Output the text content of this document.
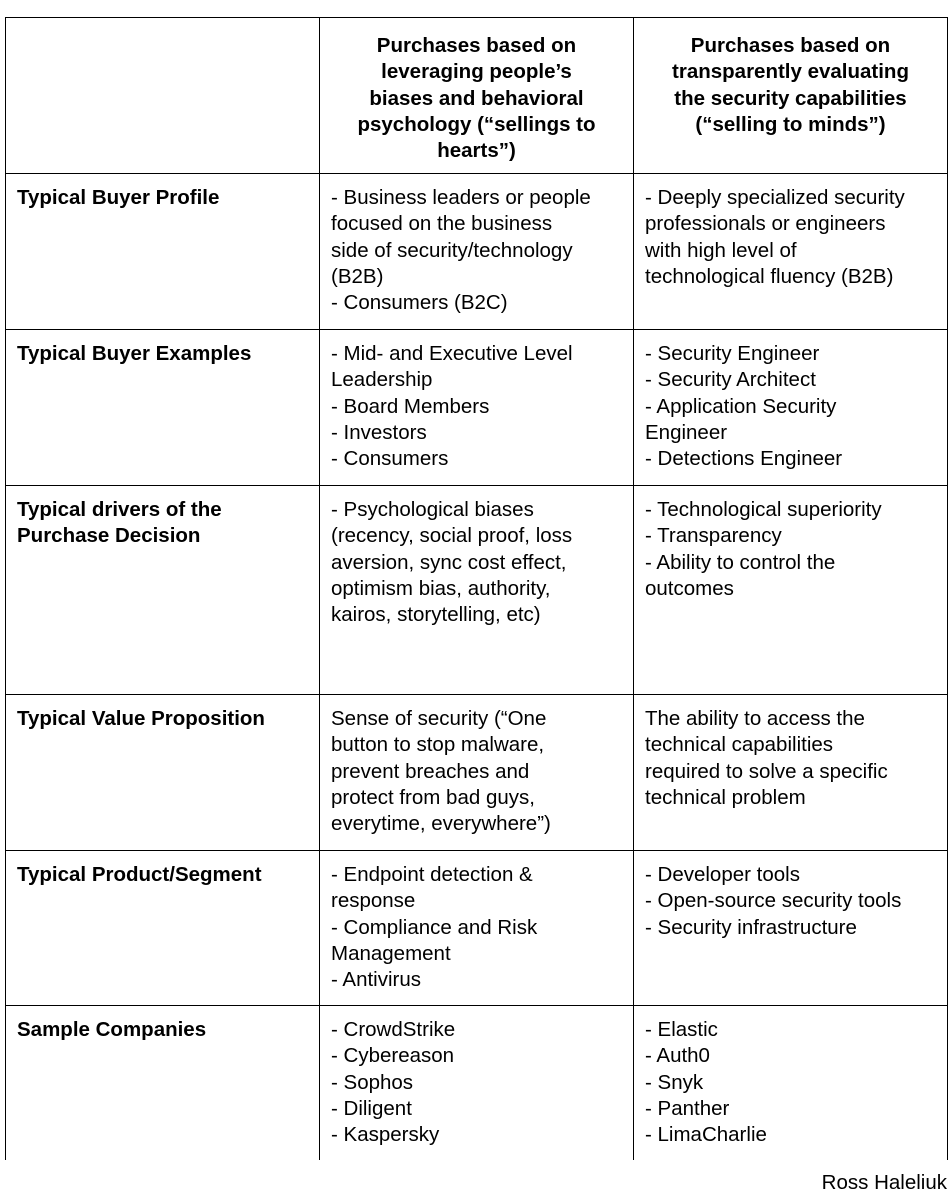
	Purchases based on
leveraging people’s
biases and behavioral
psychology (“sellings to
hearts”)	Purchases based on
transparently evaluating
the security capabilities
(“selling to minds”)

Typical Buyer Profile	- Business leaders or people
focused on the business
side of security/technology
(B2B)
- Consumers (B2C)	- Deeply specialized security
professionals or engineers
with high level of
technological fluency (B2B)

Typical Buyer Examples	- Mid- and Executive Level
Leadership
- Board Members
- Investors
- Consumers	- Security Engineer
- Security Architect
- Application Security
Engineer
- Detections Engineer

Typical drivers of the
Purchase Decision	- Psychological biases
(recency, social proof, loss
aversion, sync cost effect,
optimism bias, authority,
kairos, storytelling, etc)	- Technological superiority
- Transparency
- Ability to control the
outcomes

Typical Value Proposition	Sense of security (“One
button to stop malware,
prevent breaches and
protect from bad guys,
everytime, everywhere”)	The ability to access the
technical capabilities
required to solve a specific
technical problem

Typical Product/Segment	- Endpoint detection &
response
- Compliance and Risk
Management
- Antivirus	- Developer tools
- Open-source security tools
- Security infrastructure

Sample Companies	- CrowdStrike
- Cybereason
- Sophos
- Diligent
- Kaspersky	- Elastic
- Auth0
- Snyk
- Panther
- LimaCharlie
Ross Haleliuk
